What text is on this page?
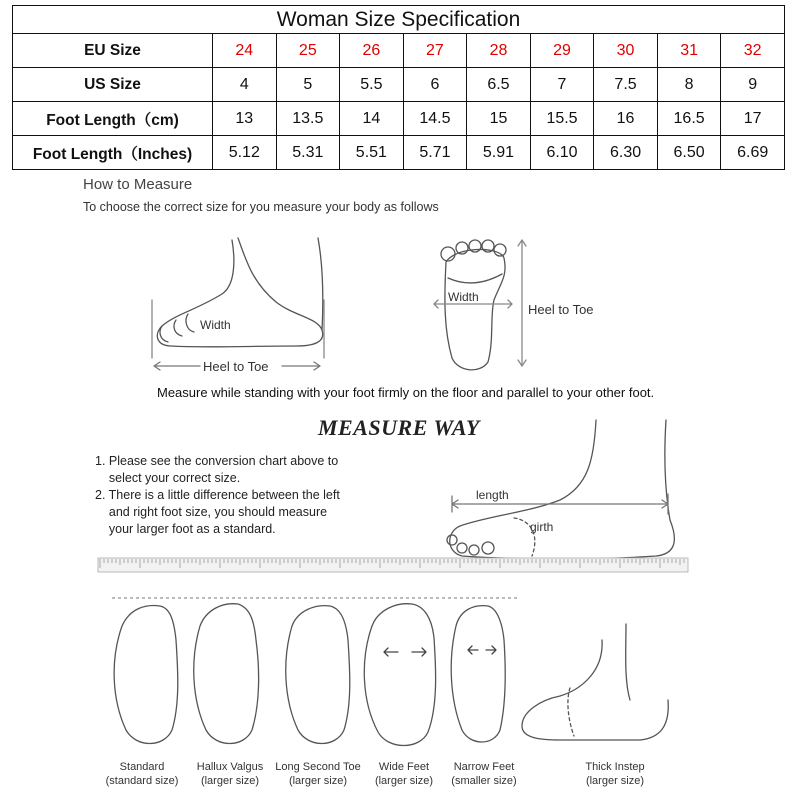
Woman Size Specification									
EU Size	24	25	26	27	28	29	30	31	32
US Size	4	5	5.5	6	6.5	7	7.5	8	9
Foot Length（cm)	13	13.5	14	14.5	15	15.5	16	16.5	17
Foot Length（Inches)	5.12	5.31	5.51	5.71	5.91	6.10	6.30	6.50	6.69
How to Measure
To choose the correct size for you measure your body as follows
Width
Heel to Toe
Width
Heel to Toe
Measure while standing with your foot firmly on the floor and parallel to your other foot.
MEASURE WAY
1. Please see the conversion chart above to
select your correct size.
2. There is a little difference between the left
and right foot size, you should measure
your larger foot as a standard.
length
girth
Standard
(standard size)
Hallux Valgus
(larger size)
Long Second Toe
(larger size)
Wide Feet
(larger size)
Narrow Feet
(smaller size)
Thick Instep
(larger size)
